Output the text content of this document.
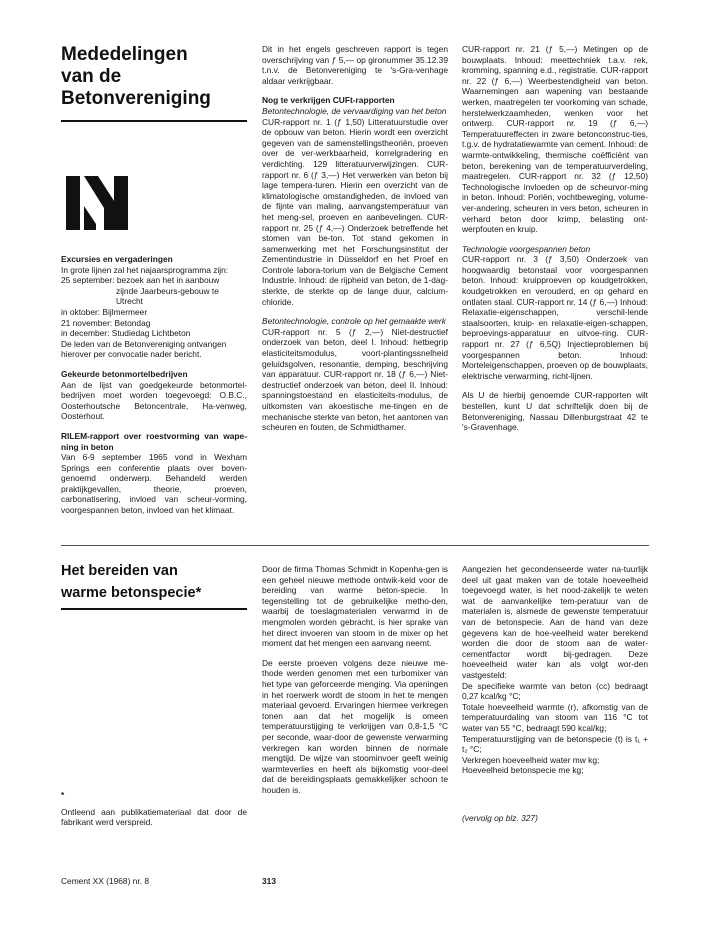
Mededelingen

van de

Betonvereniging

Excursies en vergaderingen

In grote lijnen zal het najaarsprogramma zijn:

25 september: bezoek aan het in aanbouw

zijnde Jaarbeurs-gebouw te

Utrecht

in oktober: Bijlmermeer

21 november: Betondag

in december: Studiedag Lichtbeton

De leden van de Betonvereniging ontvangen

hierover per convocatie nader bericht.

Gekeurde betonmortelbedrijven

Aan de lijst van goedgekeurde betonmortel-bedrijven moet worden toegevoegd: O.B.C., Oosterhoutsche Betoncentrale, Ha-venweg, Oosterhout.

RILEM-rapport over roestvorming van wape-ning in beton

Van 6-9 september 1965 vond in Wexham Springs een conferentie plaats over boven-genoemd onderwerp. Behandeld werden praktijkgevallen, theorie, proeven, carbonatisering, invloed van scheur-vorming, voorgespannen beton, invloed van het klimaat.

Dit in het engels geschreven rapport is tegen overschrijving van ƒ 5,— op gironummer 35.12.39 t.n.v. de Betonvereniging te 's-Gra-venhage aldaar verkrijgbaar.

Nog te verkrijgen CUFt-rapporten

Betontechnologie, de vervaardiging van het beton

CUR-rapport nr. 1 (ƒ 1,50) Litteratuurstudie over de opbouw van beton. Hierin wordt een overzicht gegeven van de samenstellingstheoriën, proeven over de ver-werkbaarheid, korrelgradering en verdichting. 129 litteratuurverwijzingen. CUR-rapport nr. 6 (ƒ 3,—) Het verwerken van beton bij lage tempera-turen. Hierin een overzicht van de klimatologische omstandigheden, de invloed van de fijnte van maling, aanvangstemperatuur van het meng-sel, proeven en aanbevelingen. CUR-rapport nr. 25 (ƒ 4,—) Onderzoek betreffende het stomen van be-ton. Tot stand gekomen in samenwerking met het Forschungsinstitut der Zementindustrie in Düsseldorf en het Proef en Controle labora-torium van de Belgische Cement Industrie. Inhoud: de rijpheid van beton, de 1-dag-sterkte, de sterkte op de lange duur, calcium-chloride.

Betontechnologie, controle op het gemaakte werk

CUR-rapport nr. 5 (ƒ 2,—) Niet-destructief onderzoek van beton, deel I. Inhoud: hetbegrip elasticiteitsmodulus, voort-plantingssnelheid geluidsgolven, resonantie, demping, beschrijving van apparatuur. CUR-rapport nr. 18 (ƒ 6,—) Niet-destructief onderzoek van beton, deel II. Inhoud: spanningstoestand en elasticiteits-modulus, de uitkomsten van akoestische me-tingen en de mechanische sterkte van beton, het aantonen van scheuren en fouten, de Schmidthamer.

CUR-rapport nr. 21 (ƒ 5,—) Metingen op de bouwplaats. Inhoud: meettechniek t.a.v. rek, kromming, spanning e.d., registratie. CUR-rapport nr. 22 (ƒ 6,—) Weerbestendigheid van beton. Waarnemingen aan wapening van bestaande werken, maatregelen ter voorkoming van schade, herstelwerkzaamheden, wenken voor het ontwerp. CUR-rapport nr. 19 (ƒ 6,—) Temperatuureffecten in zware betonconstruc-ties, t.g.v. de hydratatiewarmte van cement. Inhoud: de warmte-ontwikkeling, thermische coëfficiënt van beton, berekening van de temperatuurverdeling, maatregelen. CUR-rapport nr. 32 (ƒ 12,50) Technologische invloeden op de scheurvor-ming in beton. Inhoud: Poriën, vochtbeweging, volume-ver-andering, scheuren in vers beton, scheuren in verhard beton door krimp, belasting ont-werpfouten en kruip.

Technologie voorgespannen beton

CUR-rapport nr. 3 (ƒ 3,50) Onderzoek van hoogwaardig betonstaal voor voorgespannen beton. Inhoud: kruipproeven op koudgetrokken, koudgetrokken en verouderd, en op gehard en ontlaten staal. CUR-rapport nr. 14 (ƒ 6,—) Inhoud: Relaxatie-eigenschappen, verschil-lende staalsoorten, kruip- en relaxatie-eigen-schappen, beproevings-apparatuur en uitvoe-ring. CUR-rapport nr. 27 (ƒ 6,5Q) Injectieproblemen bij voorgespannen beton. Inhoud: Morteleigenschappen, proeven op de bouwplaats, elektrische verwarming, richt-lijnen.

Als U de hierbij genoemde CUR-rapporten wilt bestellen, kunt U dat schriftelijk doen bij de Betonvereniging, Nassau Dillenburgstraat 42 te 's-Gravenhage.

Het bereiden van

warme betonspecie*

*

Ontleend aan publikatiemateriaal dat door de fabrikant werd verspreid.

Door de firma Thomas Schmidt in Kopenha-gen is een geheel nieuwe methode ontwik-keld voor de bereiding van warme beton-specie. In tegenstelling tot de gebruikelijke metho-den, waarbij de toeslagmaterialen verwarmd in de mengmolen worden gebracht, is hier sprake van het direct invoeren van stoom in de mixer op het moment dat het mengen een aanvang neemt.

De eerste proeven volgens deze nieuwe me-thode werden genomen met een turbomixer van het type van geforceerde menging. Via openingen in het roerwerk wordt de stoom in het te mengen materiaal gevoerd. Ervaringen hiermee verkregen tonen aan dat het mogelijk is omeen temperatuurstijging te verkrijgen van 0,8-1,5 °C per seconde, waar-door de gewenste verwarming verkregen kan worden binnen de normale mengtijd. De wijze van stoominvoer geeft weinig warmteverlies en heeft als bijkomstig voor-deel dat de bereidingsplaats gemakkelijker schoon te houden is.

Aangezien het gecondenseerde water na-tuurlijk deel uit gaat maken van de totale hoeveelheid toegevoegd water, is het nood-zakelijk te weten wat de aanvankelijke tem-peratuur van de materialen is, alsmede de gewenste temperatuur van de betonspecie. Aan de hand van deze gegevens kan de hoe-veelheid water berekend worden die door de stoom aan de water-cementfactor wordt bij-gedragen. Deze hoeveelheid water kan als volgt wor-den vastgesteld:

De specifieke warmte van beton (cc) bedraagt 0,27 kcal/kg °C;

Totale hoeveelheid warmte (r), afkomstig van de temperatuurdaling van stoom van 116 °C tot water van 55 °C, bedraagt 590 kcal/kg;

Temperatuurstijging van de betonspecie (t) is t₁ + t₂ °C;

Verkregen hoeveelheid water mw kg;

Hoeveelheid betonspecie me kg;

(vervolg op blz. 327)
Cement XX (1968) nr. 8	313
